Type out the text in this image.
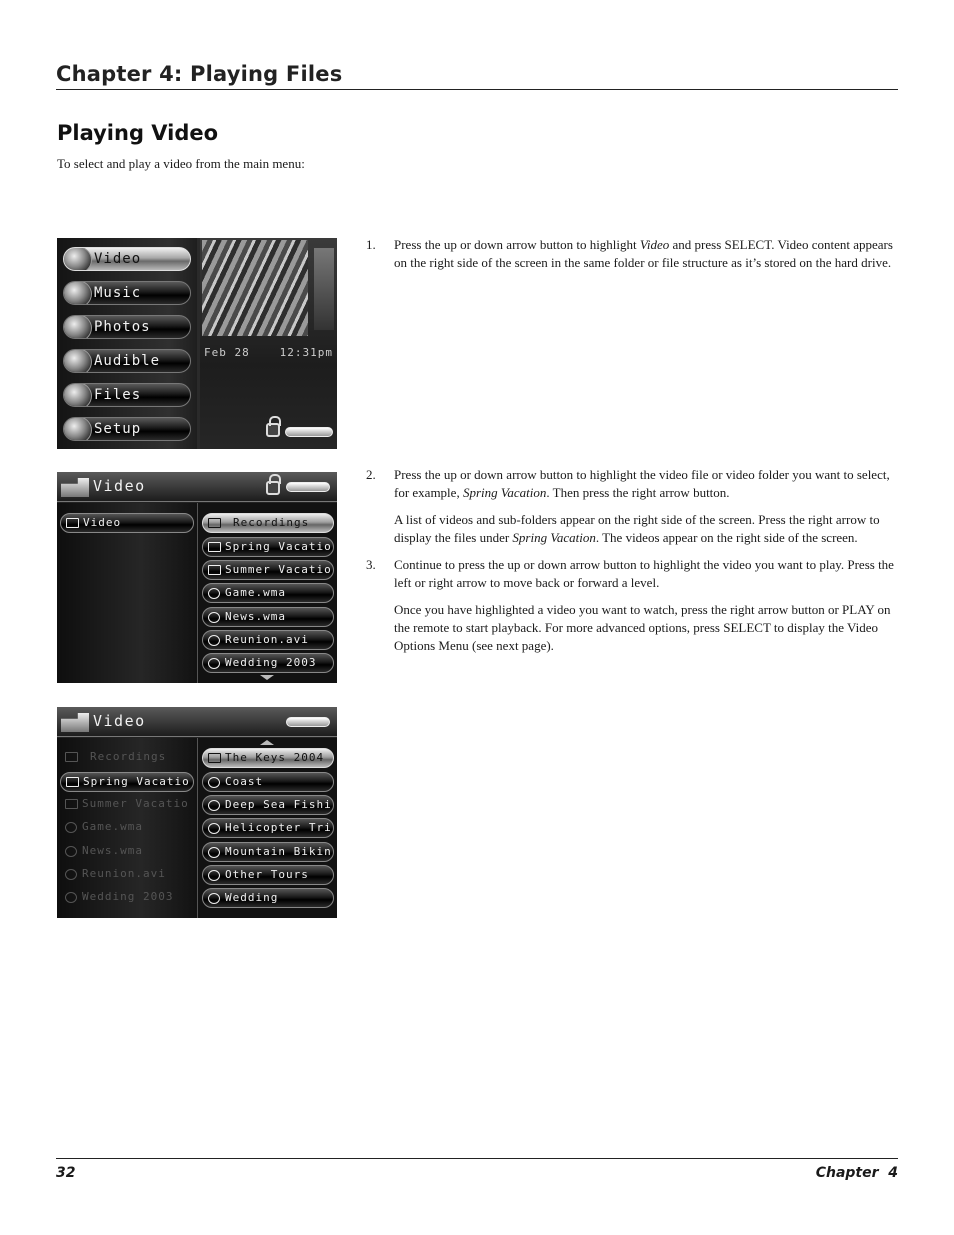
Chapter 4: Playing Files
Playing Video

To select and play a video from the main menu:

Video
Music
Photos
Audible
Files
Setup
Feb 28	12:31pm
1.	Press the up or down arrow button to highlight Video and press SELECT. Video content appears on the right side of the screen in the same folder or file structure as it’s stored on the hard drive.
Video
Video	Recordings
Spring Vacatio
Summer Vacatio
Game.wma
News.wma
Reunion.avi
Wedding 2003
2.	Press the up or down arrow button to highlight the video file or video folder you want to select, for example, Spring Vacation. Then press the right arrow button.

A list of videos and sub-folders appear on the right side of the screen. Press the right arrow to display the files under Spring Vacation. The videos appear on the right side of the screen.

3.	Continue to press the up or down arrow button to highlight the video you want to play. Press the left or right arrow to move back or forward a level.

Once you have highlighted a video you want to watch, press the right arrow button or PLAY on the remote to start playback. For more advanced options, press SELECT to display the Video Options Menu (see next page).

Video
Recordings
Spring Vacatio
Summer Vacatio
Game.wma
News.wma
Reunion.avi
Wedding 2003
The Keys 2004
Coast
Deep Sea Fishi
Helicopter Tri
Mountain Bikin
Other Tours
Wedding
32	Chapter  4
